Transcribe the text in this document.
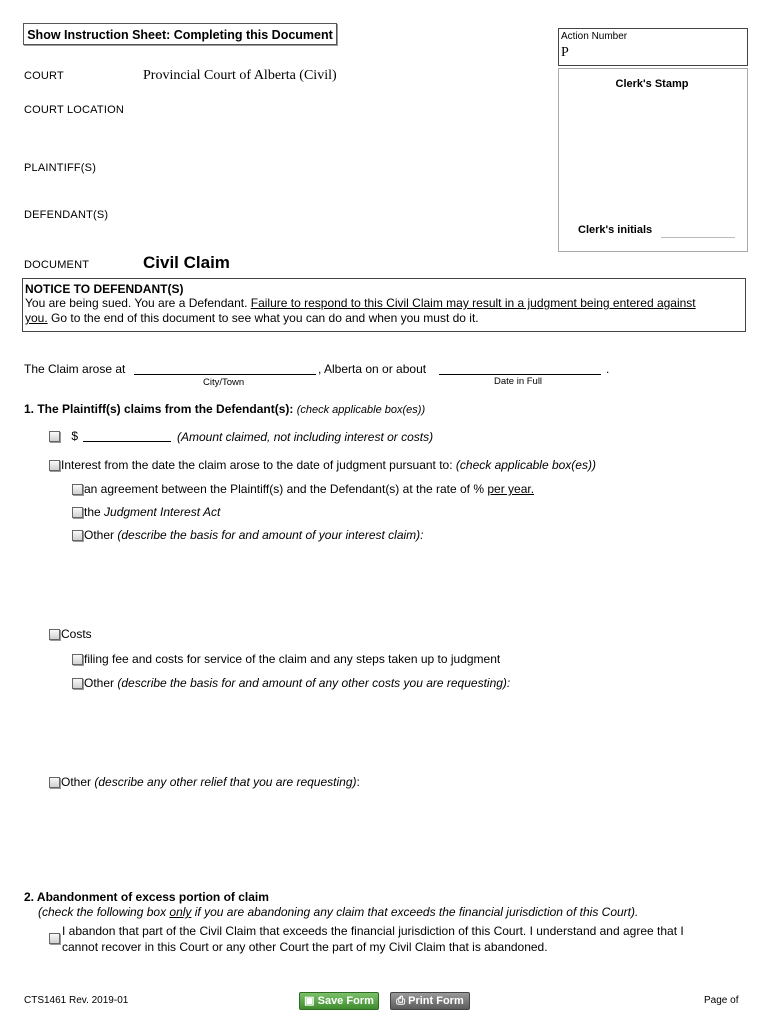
Show Instruction Sheet: Completing this Document	Action Number
P
Clerk's Stamp
Clerk's initials
COURT	Provincial Court of Alberta (Civil)
COURT LOCATION
PLAINTIFF(S)
DEFENDANT(S)
DOCUMENT	Civil Claim
NOTICE TO DEFENDANT(S)
You are being sued. You are a Defendant. Failure to respond to this Civil Claim may result in a judgment being entered against
you. Go to the end of this document to see what you can do and when you must do it.
The Claim arose at	, Alberta on or about	.
City/Town	Date in Full
1. The Plaintiff(s) claims from the Defendant(s): (check applicable box(es))
$	(Amount claimed, not including interest or costs)
Interest from the date the claim arose to the date of judgment pursuant to: (check applicable box(es))
an agreement between the Plaintiff(s) and the Defendant(s) at the rate of % per year.
the Judgment Interest Act
Other (describe the basis for and amount of your interest claim):
Costs
filing fee and costs for service of the claim and any steps taken up to judgment
Other (describe the basis for and amount of any other costs you are requesting):
Other (describe any other relief that you are requesting):
2. Abandonment of excess portion of claim
(check the following box only if you are abandoning any claim that exceeds the financial jurisdiction of this Court).
I abandon that part of the Civil Claim that exceeds the financial jurisdiction of this Court. I understand and agree that I
cannot recover in this Court or any other Court the part of my Civil Claim that is abandoned.
CTS1461 Rev. 2019-01	▣ Save Form	⎙ Print Form	Page of
